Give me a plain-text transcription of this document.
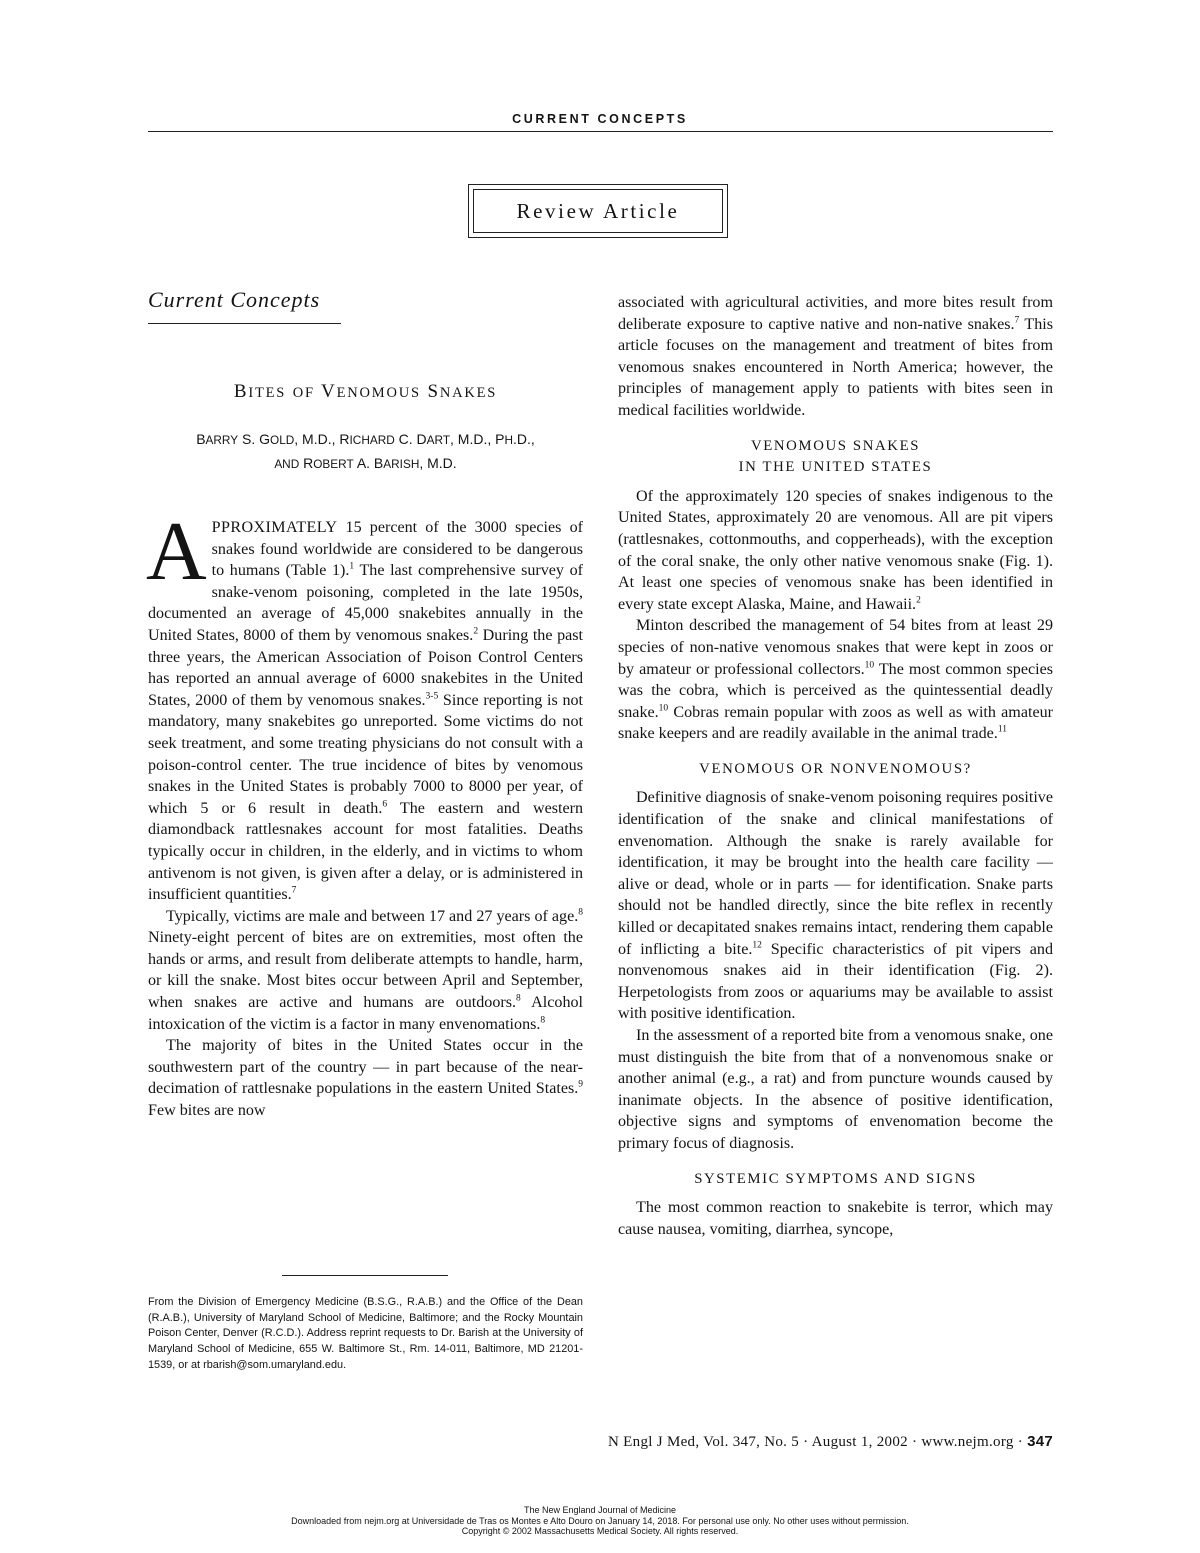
CURRENT CONCEPTS
Review Article
Current Concepts
BITES OF VENOMOUS SNAKES
BARRY S. GOLD, M.D., RICHARD C. DART, M.D., PH.D.,
AND ROBERT A. BARISH, M.D.

APPROXIMATELY 15 percent of the 3000 species of snakes found worldwide are considered to be dangerous to humans (Table 1).$^1$ The last comprehensive survey of snake-venom poisoning, completed in the late 1950s, documented an average of 45,000 snakebites annually in the United States, 8000 of them by venomous snakes.$^2$ During the past three years, the American Association of Poison Control Centers has reported an annual average of 6000 snakebites in the United States, 2000 of them by venomous snakes.$^{3-5}$ Since reporting is not mandatory, many snakebites go unreported. Some victims do not seek treatment, and some treating physicians do not consult with a poison-control center. The true incidence of bites by venomous snakes in the United States is probably 7000 to 8000 per year, of which 5 or 6 result in death.$^6$ The eastern and western diamondback rattlesnakes account for most fatalities. Deaths typically occur in children, in the elderly, and in victims to whom antivenom is not given, is given after a delay, or is administered in insufficient quantities.$^7$

Typically, victims are male and between 17 and 27 years of age.$^8$ Ninety-eight percent of bites are on extremities, most often the hands or arms, and result from deliberate attempts to handle, harm, or kill the snake. Most bites occur between April and September, when snakes are active and humans are outdoors.$^8$ Alcohol intoxication of the victim is a factor in many envenomations.$^8$

The majority of bites in the United States occur in the southwestern part of the country — in part because of the near-decimation of rattlesnake populations in the eastern United States.$^9$ Few bites are now

associated with agricultural activities, and more bites result from deliberate exposure to captive native and non-native snakes.$^7$ This article focuses on the management and treatment of bites from venomous snakes encountered in North America; however, the principles of management apply to patients with bites seen in medical facilities worldwide.

VENOMOUS SNAKES
IN THE UNITED STATES

Of the approximately 120 species of snakes indigenous to the United States, approximately 20 are venomous. All are pit vipers (rattlesnakes, cottonmouths, and copperheads), with the exception of the coral snake, the only other native venomous snake (Fig. 1). At least one species of venomous snake has been identified in every state except Alaska, Maine, and Hawaii.$^2$

Minton described the management of 54 bites from at least 29 species of non-native venomous snakes that were kept in zoos or by amateur or professional collectors.$^{10}$ The most common species was the cobra, which is perceived as the quintessential deadly snake.$^{10}$ Cobras remain popular with zoos as well as with amateur snake keepers and are readily available in the animal trade.$^{11}$

VENOMOUS OR NONVENOMOUS?

Definitive diagnosis of snake-venom poisoning requires positive identification of the snake and clinical manifestations of envenomation. Although the snake is rarely available for identification, it may be brought into the health care facility — alive or dead, whole or in parts — for identification. Snake parts should not be handled directly, since the bite reflex in recently killed or decapitated snakes remains intact, rendering them capable of inflicting a bite.$^{12}$ Specific characteristics of pit vipers and nonvenomous snakes aid in their identification (Fig. 2). Herpetologists from zoos or aquariums may be available to assist with positive identification.

In the assessment of a reported bite from a venomous snake, one must distinguish the bite from that of a nonvenomous snake or another animal (e.g., a rat) and from puncture wounds caused by inanimate objects. In the absence of positive identification, objective signs and symptoms of envenomation become the primary focus of diagnosis.

SYSTEMIC SYMPTOMS AND SIGNS

The most common reaction to snakebite is terror, which may cause nausea, vomiting, diarrhea, syncope,

From the Division of Emergency Medicine (B.S.G., R.A.B.) and the Office of the Dean (R.A.B.), University of Maryland School of Medicine, Baltimore; and the Rocky Mountain Poison Center, Denver (R.C.D.). Address reprint requests to Dr. Barish at the University of Maryland School of Medicine, 655 W. Baltimore St., Rm. 14-011, Baltimore, MD 21201-1539, or at rbarish@som.umaryland.edu.
N Engl J Med, Vol. 347, No. 5 · August 1, 2002 · www.nejm.org · 347
The New England Journal of Medicine
Downloaded from nejm.org at Universidade de Tras os Montes e Alto Douro on January 14, 2018. For personal use only. No other uses without permission.
Copyright © 2002 Massachusetts Medical Society. All rights reserved.
